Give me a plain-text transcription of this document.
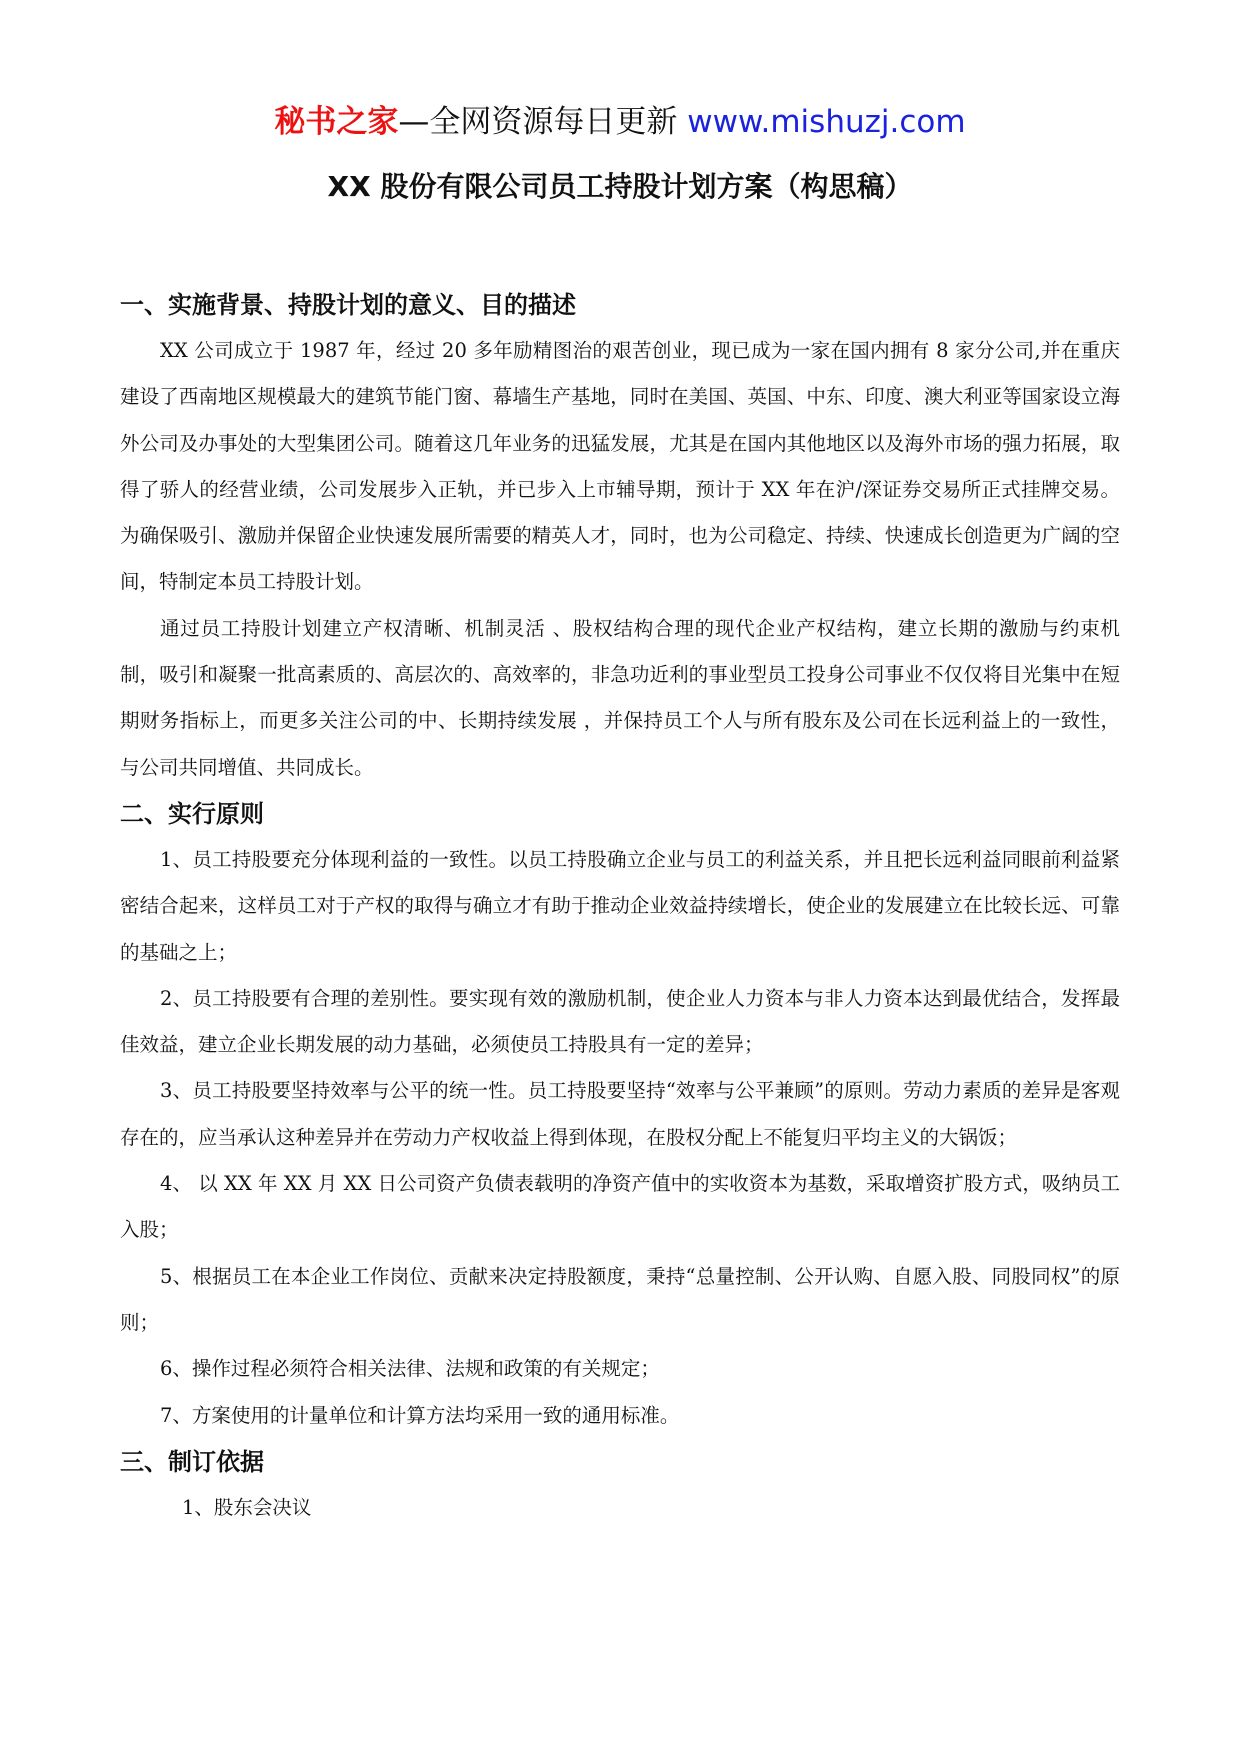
秘书之家—全网资源每日更新 www.mishuzj.com
XX 股份有限公司员工持股计划方案（构思稿）
一、实施背景、持股计划的意义、目的描述

XX 公司成立于 1987 年，经过 20 多年励精图治的艰苦创业，现已成为一家在国内拥有 8 家分公司,并在重庆建设了西南地区规模最大的建筑节能门窗、幕墙生产基地，同时在美国、英国、中东、印度、澳大利亚等国家设立海外公司及办事处的大型集团公司。随着这几年业务的迅猛发展，尤其是在国内其他地区以及海外市场的强力拓展，取得了骄人的经营业绩，公司发展步入正轨，并已步入上市辅导期，预计于 XX 年在沪/深证券交易所正式挂牌交易。为确保吸引、激励并保留企业快速发展所需要的精英人才，同时，也为公司稳定、持续、快速成长创造更为广阔的空间，特制定本员工持股计划。

通过员工持股计划建立产权清晰、机制灵活 、股权结构合理的现代企业产权结构，建立长期的激励与约束机制，吸引和凝聚一批高素质的、高层次的、高效率的，非急功近利的事业型员工投身公司事业不仅仅将目光集中在短期财务指标上，而更多关注公司的中、长期持续发展 ，并保持员工个人与所有股东及公司在长远利益上的一致性，与公司共同增值、共同成长。

二、实行原则

1、员工持股要充分体现利益的一致性。以员工持股确立企业与员工的利益关系，并且把长远利益同眼前利益紧密结合起来，这样员工对于产权的取得与确立才有助于推动企业效益持续增长，使企业的发展建立在比较长远、可靠的基础之上；

2、员工持股要有合理的差别性。要实现有效的激励机制，使企业人力资本与非人力资本达到最优结合，发挥最佳效益，建立企业长期发展的动力基础，必须使员工持股具有一定的差异；

3、员工持股要坚持效率与公平的统一性。员工持股要坚持“效率与公平兼顾”的原则。劳动力素质的差异是客观存在的，应当承认这种差异并在劳动力产权收益上得到体现，在股权分配上不能复归平均主义的大锅饭；

4、 以 XX 年 XX 月 XX 日公司资产负债表载明的净资产值中的实收资本为基数，采取增资扩股方式，吸纳员工入股；

5、根据员工在本企业工作岗位、贡献来决定持股额度，秉持“总量控制、公开认购、自愿入股、同股同权”的原则；

6、操作过程必须符合相关法律、法规和政策的有关规定；

7、方案使用的计量单位和计算方法均采用一致的通用标准。

三、制订依据

1、股东会决议
